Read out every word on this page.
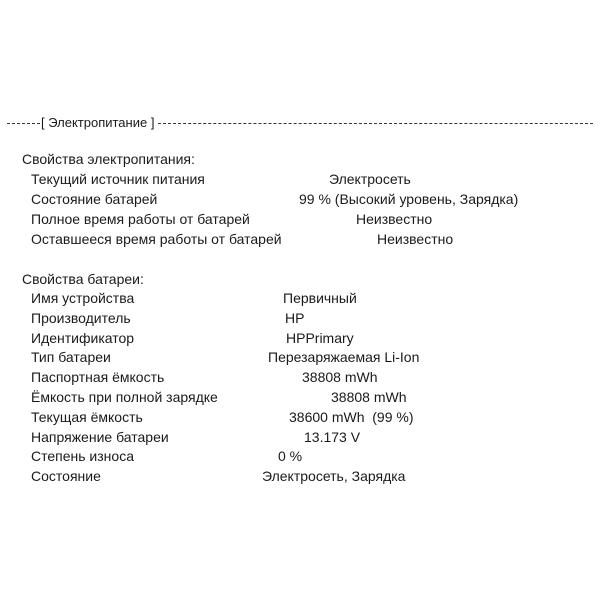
[ Электропитание ]
Свойства электропитания:
Текущий источник питания	Электросеть
Состояние батарей	99 % (Высокий уровень, Зарядка)
Полное время работы от батарей	Неизвестно
Оставшееся время работы от батарей	Неизвестно
Свойства батареи:
Имя устройства	Первичный
Производитель	HP
Идентификатор	HPPrimary
Тип батареи	Перезаряжаемая Li-Ion
Паспортная ёмкость	38808 mWh
Ёмкость при полной зарядке	38808 mWh
Текущая ёмкость	38600 mWh  (99 %)
Напряжение батареи	13.173 V
Степень износа	0 %
Состояние	Электросеть, Зарядка
